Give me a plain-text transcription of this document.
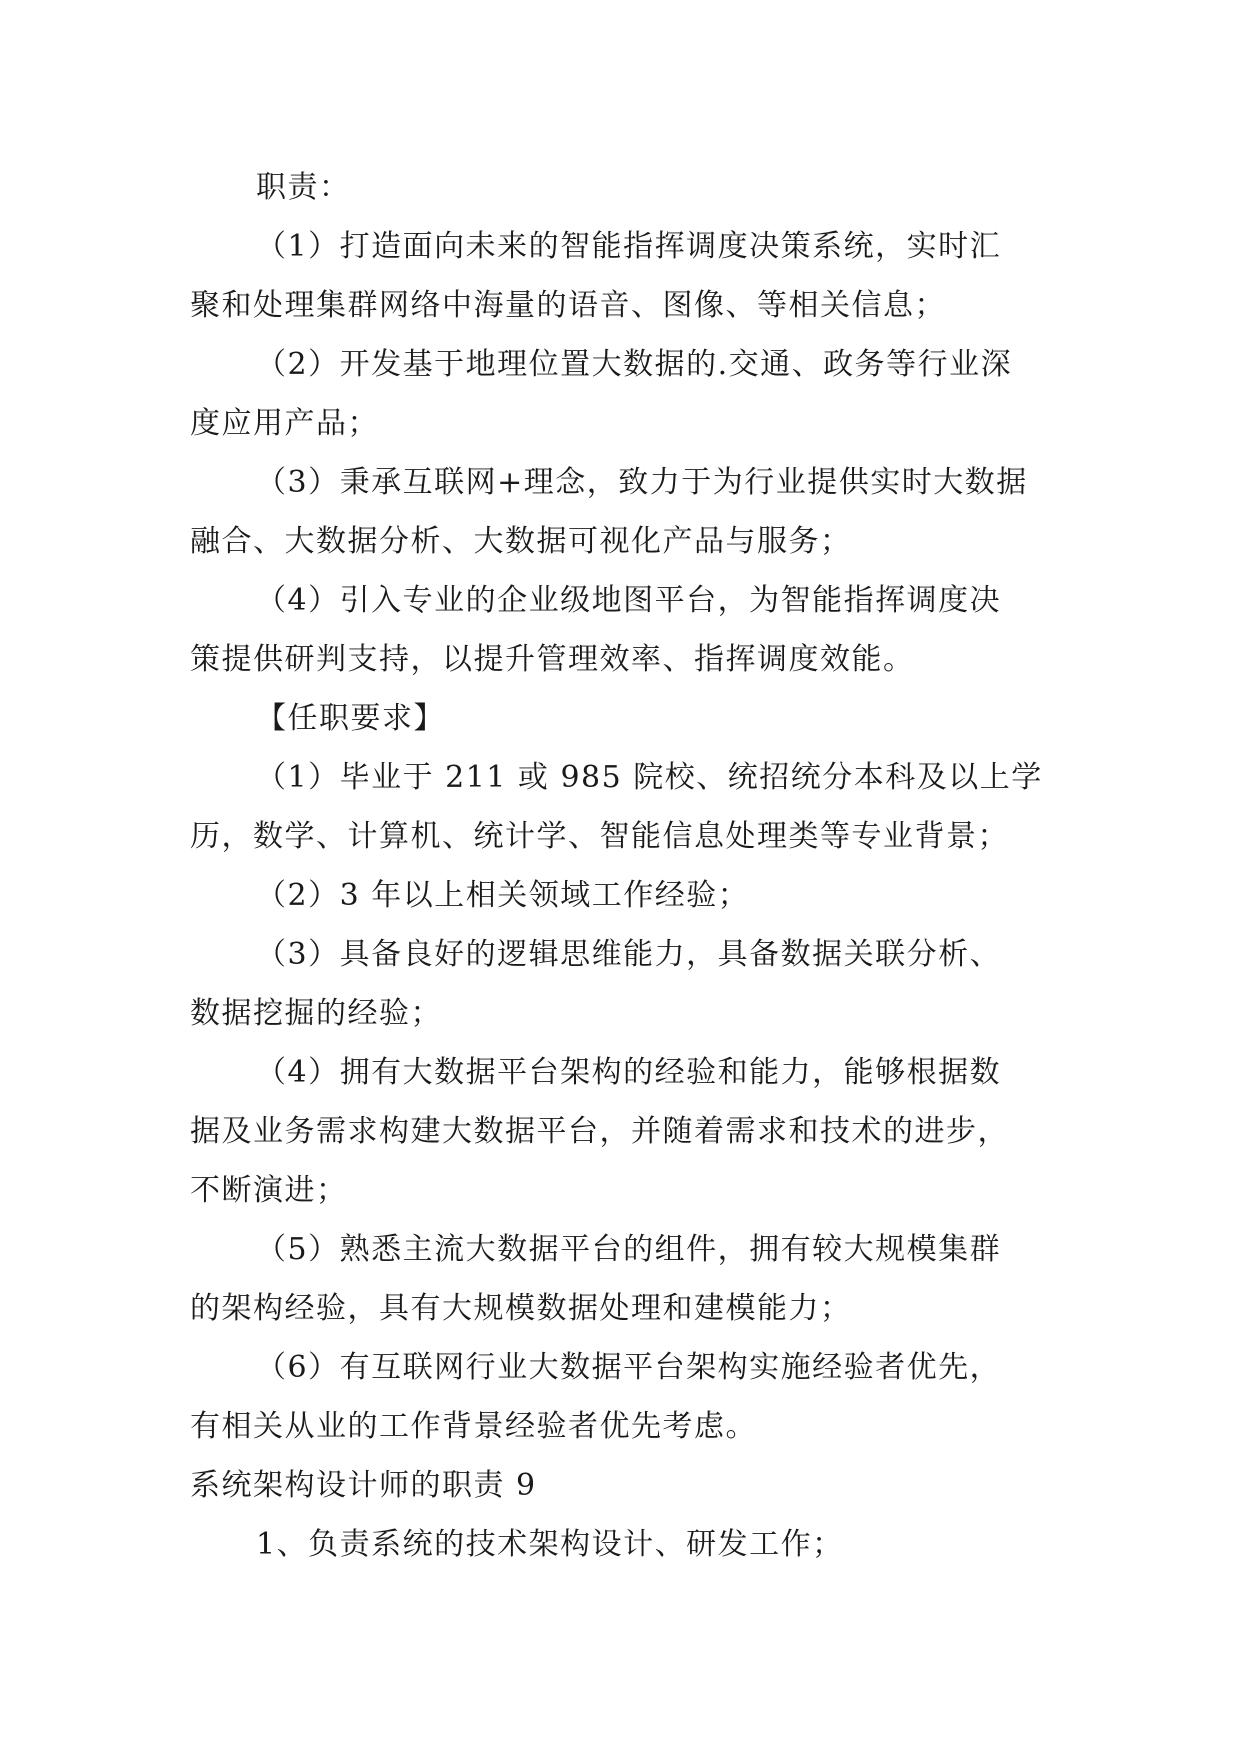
职责：
（1）打造面向未来的智能指挥调度决策系统，实时汇
聚和处理集群网络中海量的语音、图像、等相关信息；
（2）开发基于地理位置大数据的.交通、政务等行业深
度应用产品；
（3）秉承互联网+理念，致力于为行业提供实时大数据
融合、大数据分析、大数据可视化产品与服务；
（4）引入专业的企业级地图平台，为智能指挥调度决
策提供研判支持，以提升管理效率、指挥调度效能。
【任职要求】
（1）毕业于 211 或 985 院校、统招统分本科及以上学
历，数学、计算机、统计学、智能信息处理类等专业背景；
（2）3 年以上相关领域工作经验；
（3）具备良好的逻辑思维能力，具备数据关联分析、
数据挖掘的经验；
（4）拥有大数据平台架构的经验和能力，能够根据数
据及业务需求构建大数据平台，并随着需求和技术的进步，
不断演进；
（5）熟悉主流大数据平台的组件，拥有较大规模集群
的架构经验，具有大规模数据处理和建模能力；
（6）有互联网行业大数据平台架构实施经验者优先，
有相关从业的工作背景经验者优先考虑。
系统架构设计师的职责 9
1、负责系统的技术架构设计、研发工作；
